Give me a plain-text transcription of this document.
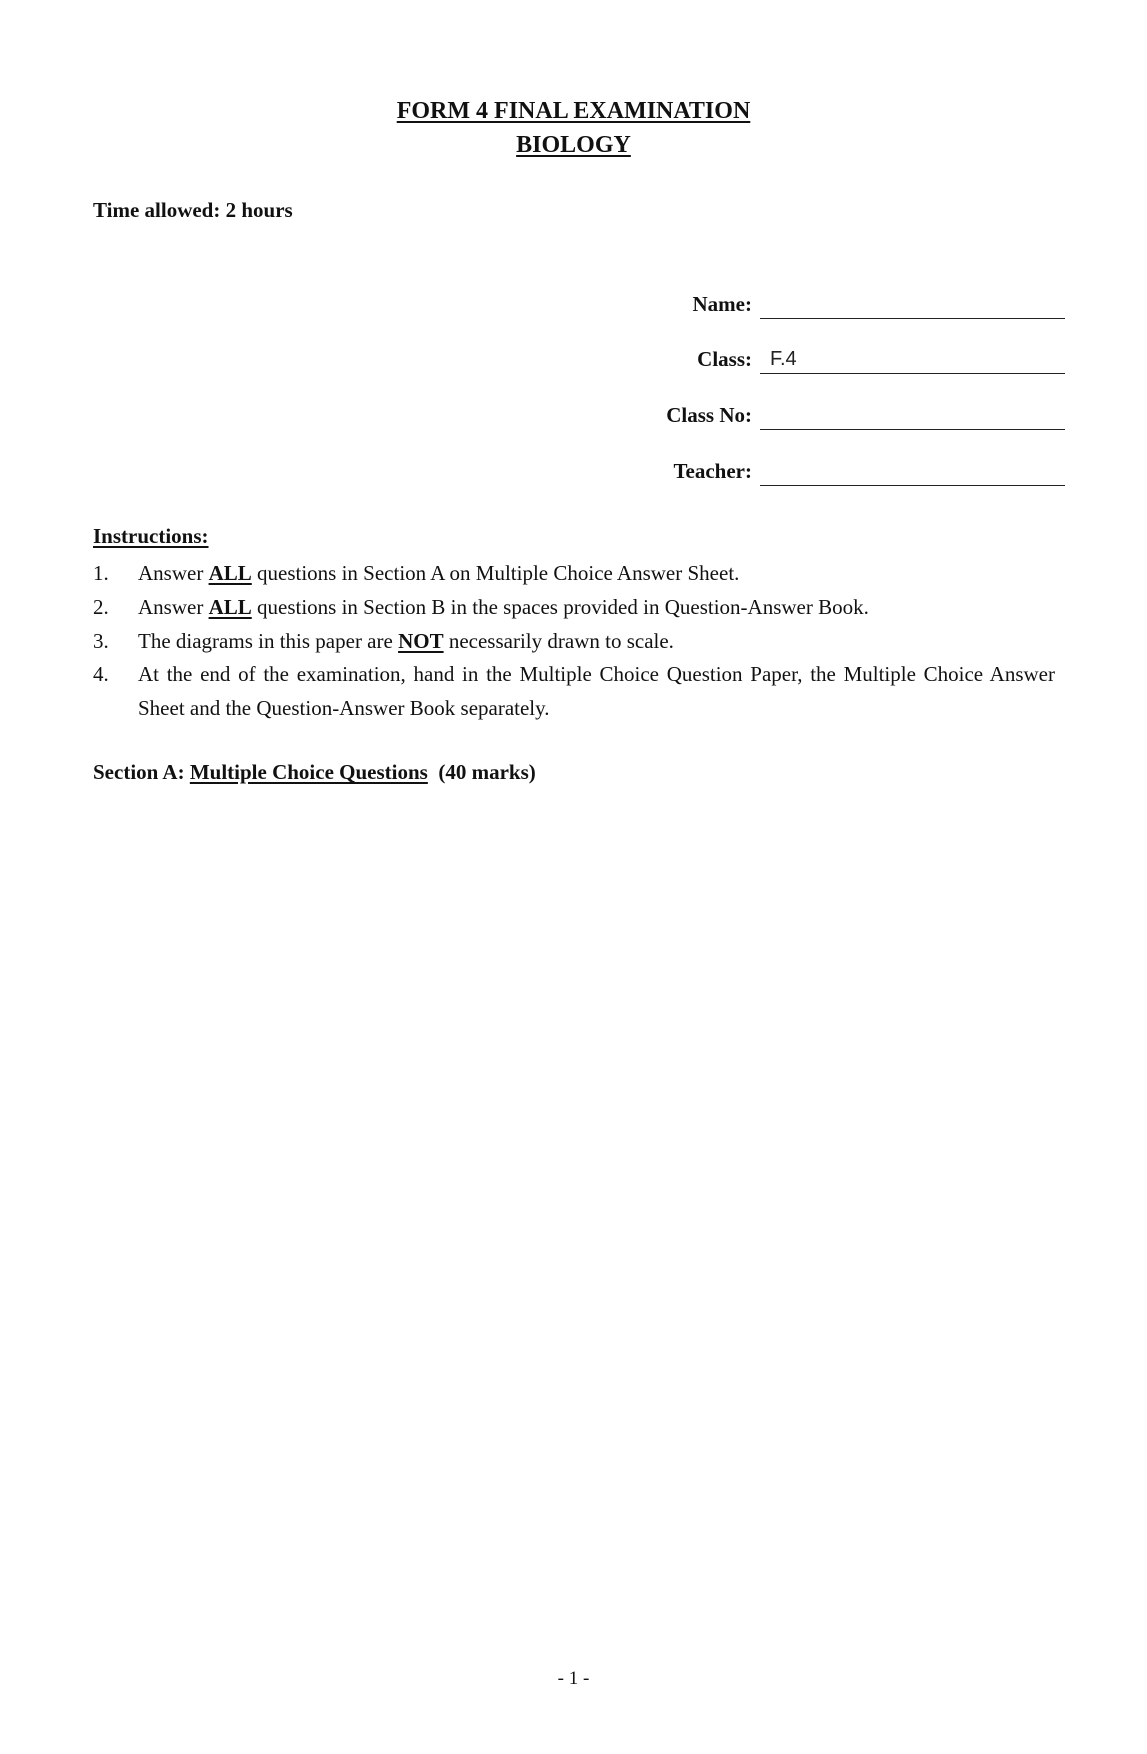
FORM 4 FINAL EXAMINATION
BIOLOGY
Time allowed: 2 hours
Name:
Class: F.4
Class No:
Teacher:
Instructions:
1. Answer ALL questions in Section A on Multiple Choice Answer Sheet.
2. Answer ALL questions in Section B in the spaces provided in Question-Answer Book.
3. The diagrams in this paper are NOT necessarily drawn to scale.
4. At the end of the examination, hand in the Multiple Choice Question Paper, the Multiple Choice Answer Sheet and the Question-Answer Book separately.
Section A: Multiple Choice Questions (40 marks)
- 1 -
